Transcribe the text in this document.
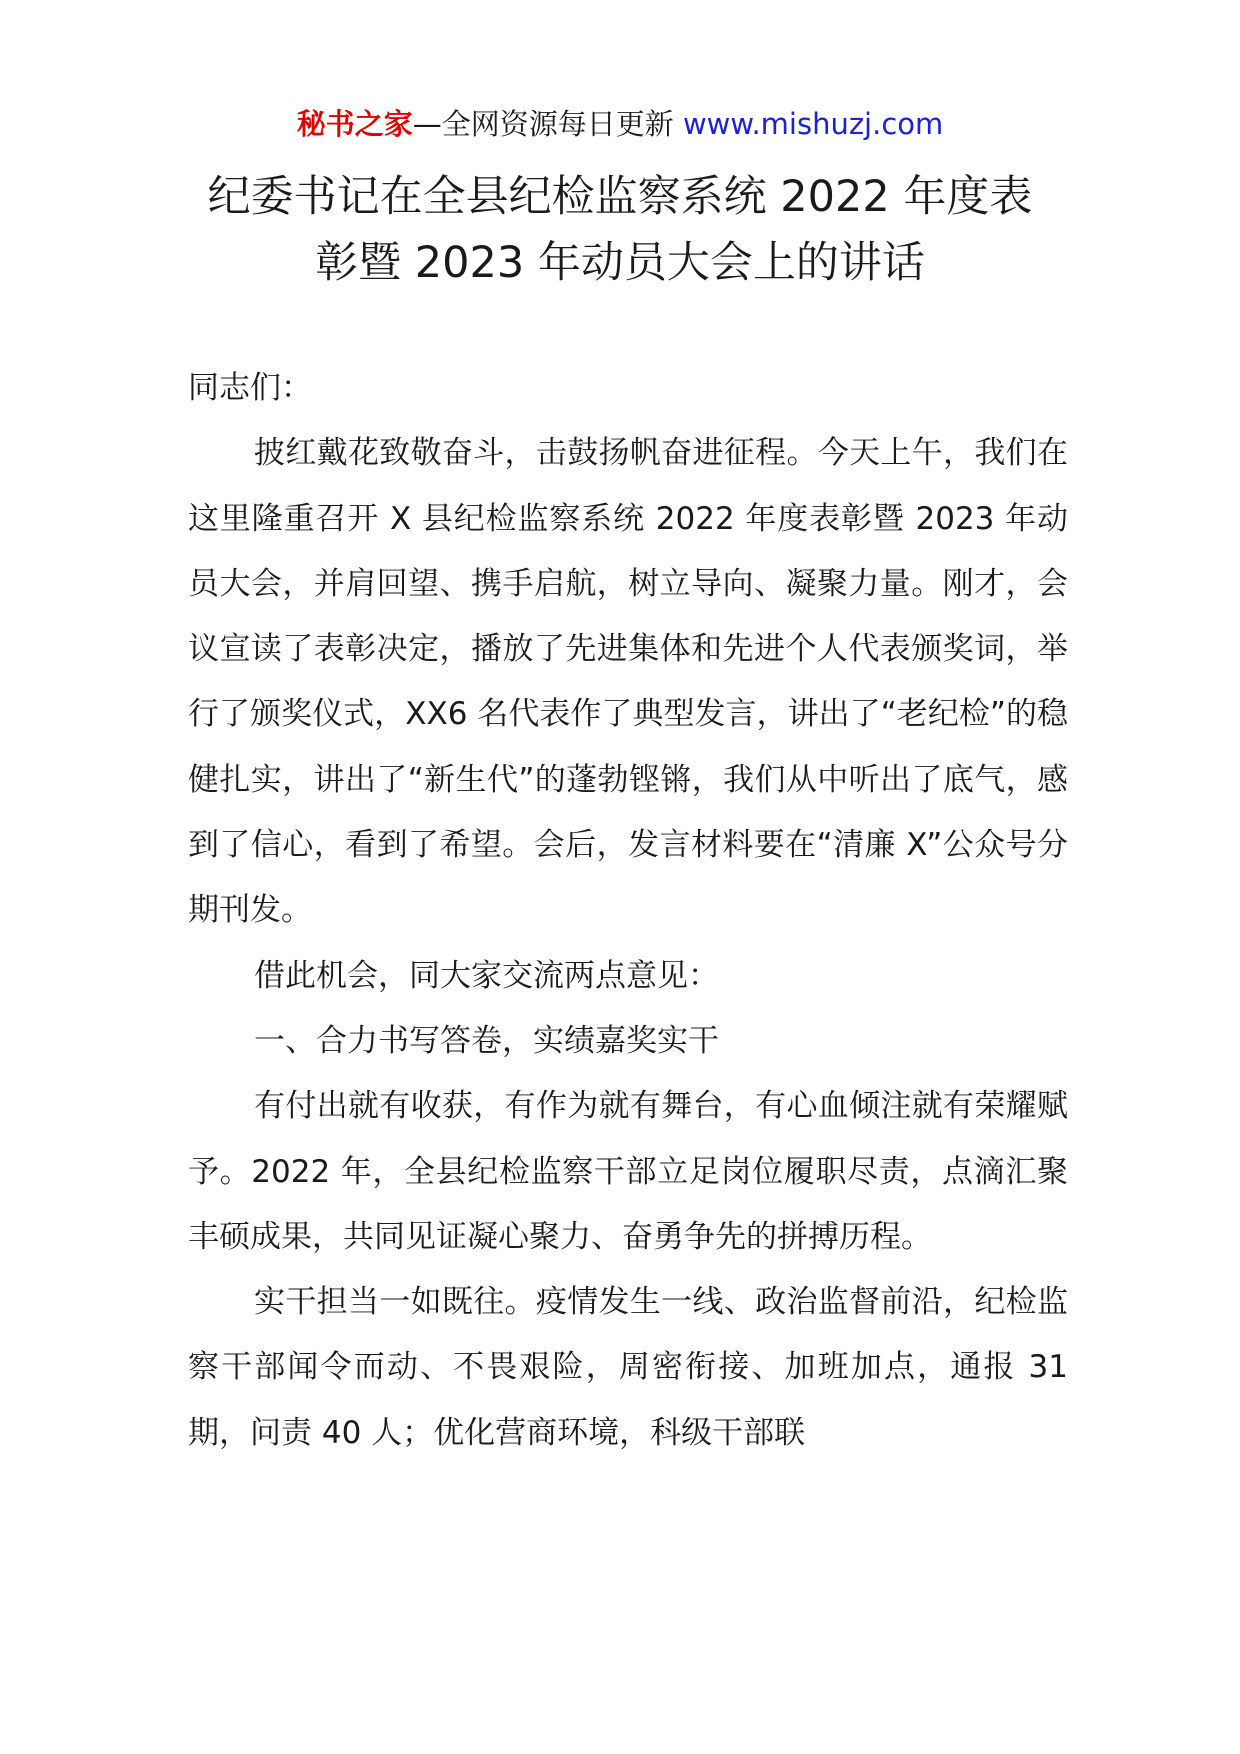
秘书之家—全网资源每日更新 www.mishuzj.com
纪委书记在全县纪检监察系统 2022 年度表
彰暨 2023 年动员大会上的讲话

同志们：

披红戴花致敬奋斗，击鼓扬帆奋进征程。今天上午，我们在这里隆重召开 X 县纪检监察系统 2022 年度表彰暨 2023 年动员大会，并肩回望、携手启航，树立导向、凝聚力量。刚才，会议宣读了表彰决定，播放了先进集体和先进个人代表颁奖词，举行了颁奖仪式，XX6 名代表作了典型发言，讲出了“老纪检”的稳健扎实，讲出了“新生代”的蓬勃铿锵，我们从中听出了底气，感到了信心，看到了希望。会后，发言材料要在“清廉 X”公众号分期刊发。

借此机会，同大家交流两点意见：

一、合力书写答卷，实绩嘉奖实干

有付出就有收获，有作为就有舞台，有心血倾注就有荣耀赋予。2022 年，全县纪检监察干部立足岗位履职尽责，点滴汇聚丰硕成果，共同见证凝心聚力、奋勇争先的拼搏历程。

实干担当一如既往。疫情发生一线、政治监督前沿，纪检监察干部闻令而动、不畏艰险，周密衔接、加班加点，通报 31 期，问责 40 人；优化营商环境，科级干部联
